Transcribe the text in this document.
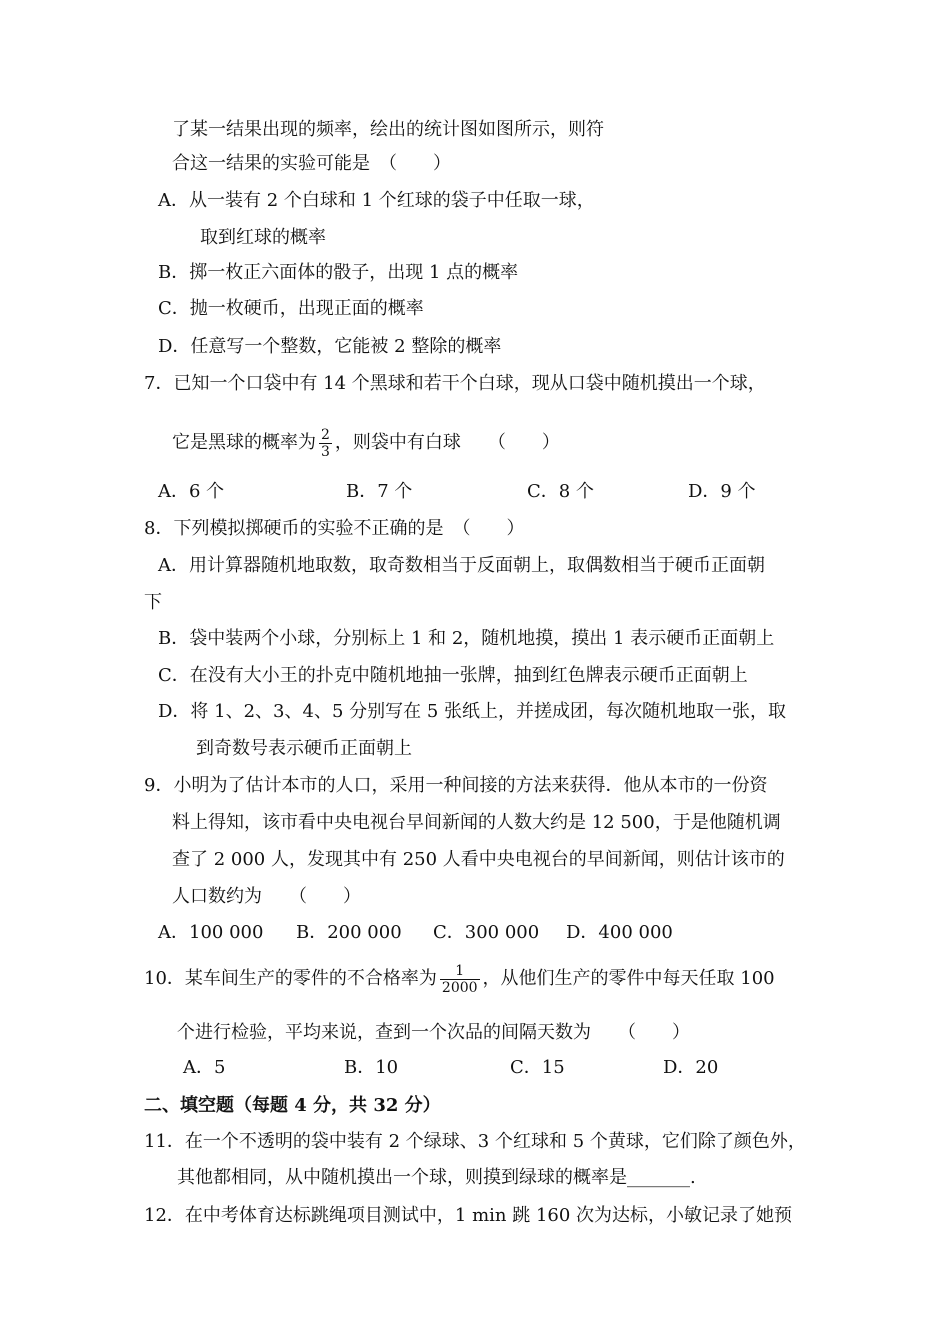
了某一结果出现的频率，绘出的统计图如图所示，则符
合这一结果的实验可能是　（　　）
A．从一装有 2 个白球和 1 个红球的袋子中任取一球，
取到红球的概率
B．掷一枚正六面体的骰子，出现 1 点的概率
C．抛一枚硬币，出现正面的概率
D．任意写一个整数，它能被 2 整除的概率
7．已知一个口袋中有 14 个黑球和若干个白球，现从口袋中随机摸出一个球，
它是黑球的概率为 $\frac{2}{3}$ ，则袋中有白球　　（　　）
A．6 个	B．7 个	C．8 个	D．9 个
8．下列模拟掷硬币的实验不正确的是　（　　）
A．用计算器随机地取数，取奇数相当于反面朝上，取偶数相当于硬币正面朝
下
B．袋中装两个小球，分别标上 1 和 2，随机地摸，摸出 1 表示硬币正面朝上
C．在没有大小王的扑克中随机地抽一张牌，抽到红色牌表示硬币正面朝上
D．将 1、2、3、4、5 分别写在 5 张纸上，并搓成团，每次随机地取一张，取
到奇数号表示硬币正面朝上
9．小明为了估计本市的人口，采用一种间接的方法来获得．他从本市的一份资
料上得知，该市看中央电视台早间新闻的人数大约是 12 500，于是他随机调
查了 2 000 人，发现其中有 250 人看中央电视台的早间新闻，则估计该市的
人口数约为　　（　　）
A．100 000 B．200 000 C．300 000 D．400 000
10．某车间生产的零件的不合格率为 $\frac{1}{2000}$ ，从他们生产的零件中每天任取 100
个进行检验，平均来说，查到一个次品的间隔天数为　　（　　）
A．5	B．10	C．15	D．20
二、填空题（每题 4 分，共 32 分）
11．在一个不透明的袋中装有 2 个绿球、3 个红球和 5 个黄球，它们除了颜色外，
其他都相同，从中随机摸出一个球，则摸到绿球的概率是_______.
12．在中考体育达标跳绳项目测试中，1 min 跳 160 次为达标，小敏记录了她预
